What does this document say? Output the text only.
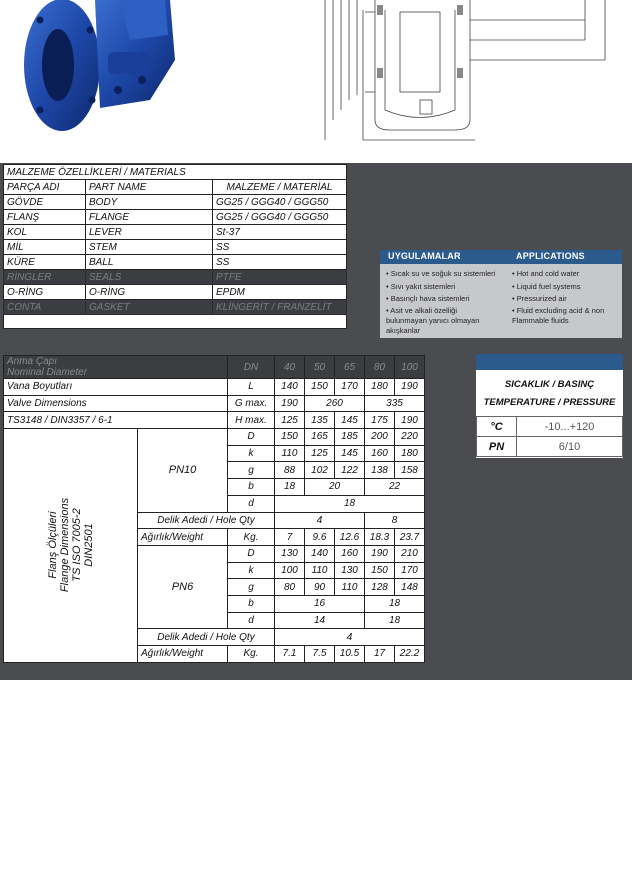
MALZEME ÖZELLİKLERİ / MATERIALS		
PARÇA ADI	PART NAME	MALZEME / MATERİAL
GÖVDE	BODY	GG25 / GGG40 / GGG50
FLANŞ	FLANGE	GG25 / GGG40 / GGG50
KOL	LEVER	St-37
MİL	STEM	SS
KÜRE	BALL	SS
RİNGLER	SEALS	PTFE
O-RİNG	O-RİNG	EPDM
CONTA	GASKET	KLİNGERİT / FRANZELİT

UYGULAMALAR	APPLICATIONS
• Sıcak su ve soğuk su sistemleri
• Sıvı yakıt sistemleri
• Basınçlı hava sistemleri
• Asit ve alkali özelliği bulunmayan yanıcı olmayan akışkanlar
• Hot and cold water
• Liquid fuel systems
• Pressurized air
• Fluid excluding acid & non Flammable fluids
SICAKLIK / BASINÇ
TEMPERATURE / PRESSURE
°C	-10...+120
PN	6/10
Anma Çapı
Nominal Diameter		DN	40	50	65	80	100
Vana Boyutları		L	140	150	170	180	190
Valve Dimensions		G max.	190	260		335	
TS3148 / DIN3357 / 6-1		H max.	125	135	145	175	190

Flanş Ölçüleri Flange Dimensions TS ISO 7005-2 DIN2501	PN10	D	150	165	185	200	220
		k	110	125	145	160	180
		g	88	102	122	138	158
		b	18	20		22	
		d	18				
	Delik Adedi / Hole Qty		4			8	
	Ağırlık/Weight	Kg.	7	9.6	12.6	18.3	23.7
	PN6	D	130	140	160	190	210
		k	100	110	130	150	170
		g	80	90	110	128	148
		b	16			18	
		d	14			18	
	Delik Adedi / Hole Qty		4				
	Ağırlık/Weight	Kg.	7.1	7.5	10.5	17	22.2
